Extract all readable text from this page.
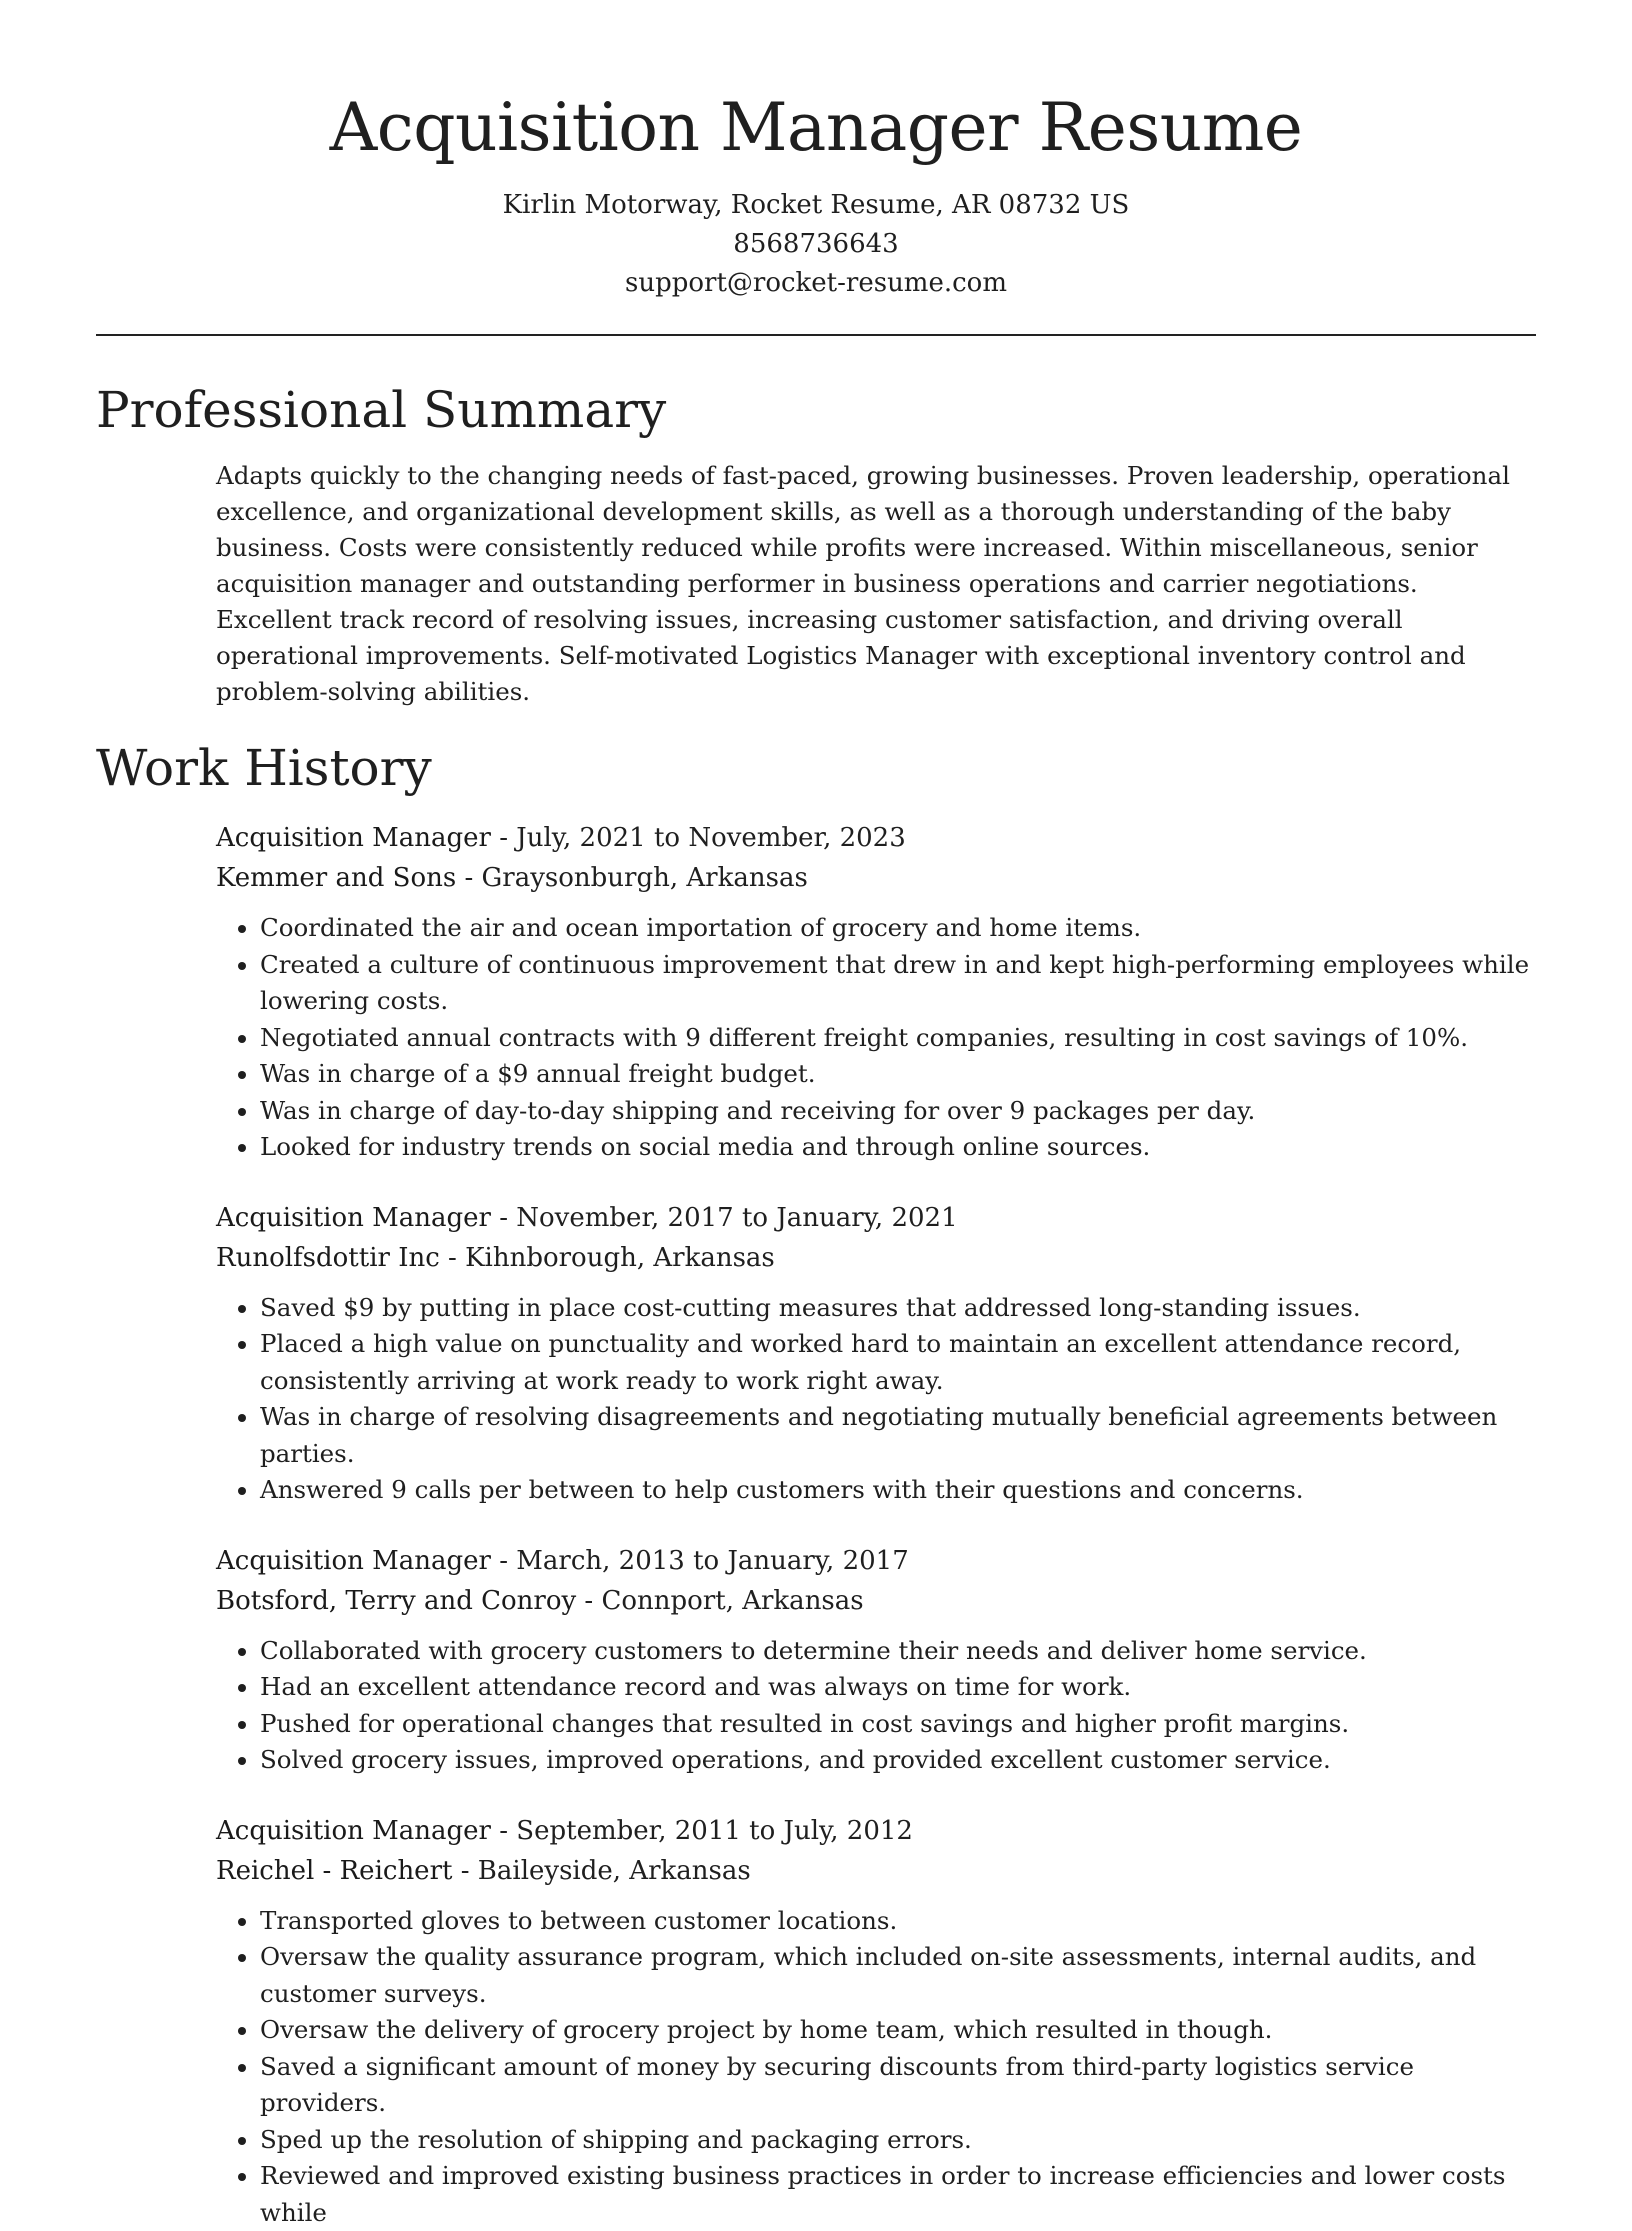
Acquisition Manager Resume

Kirlin Motorway, Rocket Resume, AR 08732 US

8568736643

support@rocket-resume.com

Professional Summary

Adapts quickly to the changing needs of fast-paced, growing businesses. Proven leadership, operational excellence, and organizational development skills, as well as a thorough understanding of the baby business. Costs were consistently reduced while profits were increased. Within miscellaneous, senior acquisition manager and outstanding performer in business operations and carrier negotiations. Excellent track record of resolving issues, increasing customer satisfaction, and driving overall operational improvements. Self-motivated Logistics Manager with exceptional inventory control and problem-solving abilities.

Work History

Acquisition Manager - July, 2021 to November, 2023

Kemmer and Sons - Graysonburgh, Arkansas

• Coordinated the air and ocean importation of grocery and home items.
• Created a culture of continuous improvement that drew in and kept high-performing employees while lowering costs.
• Negotiated annual contracts with 9 different freight companies, resulting in cost savings of 10%.
• Was in charge of a $9 annual freight budget.
• Was in charge of day-to-day shipping and receiving for over 9 packages per day.
• Looked for industry trends on social media and through online sources.

Acquisition Manager - November, 2017 to January, 2021

Runolfsdottir Inc - Kihnborough, Arkansas

• Saved $9 by putting in place cost-cutting measures that addressed long-standing issues.
• Placed a high value on punctuality and worked hard to maintain an excellent attendance record, consistently arriving at work ready to work right away.
• Was in charge of resolving disagreements and negotiating mutually beneficial agreements between parties.
• Answered 9 calls per between to help customers with their questions and concerns.

Acquisition Manager - March, 2013 to January, 2017

Botsford, Terry and Conroy - Connport, Arkansas

• Collaborated with grocery customers to determine their needs and deliver home service.
• Had an excellent attendance record and was always on time for work.
• Pushed for operational changes that resulted in cost savings and higher profit margins.
• Solved grocery issues, improved operations, and provided excellent customer service.

Acquisition Manager - September, 2011 to July, 2012

Reichel - Reichert - Baileyside, Arkansas

• Transported gloves to between customer locations.
• Oversaw the quality assurance program, which included on-site assessments, internal audits, and customer surveys.
• Oversaw the delivery of grocery project by home team, which resulted in though.
• Saved a significant amount of money by securing discounts from third-party logistics service providers.
• Sped up the resolution of shipping and packaging errors.
• Reviewed and improved existing business practices in order to increase efficiencies and lower costs while
